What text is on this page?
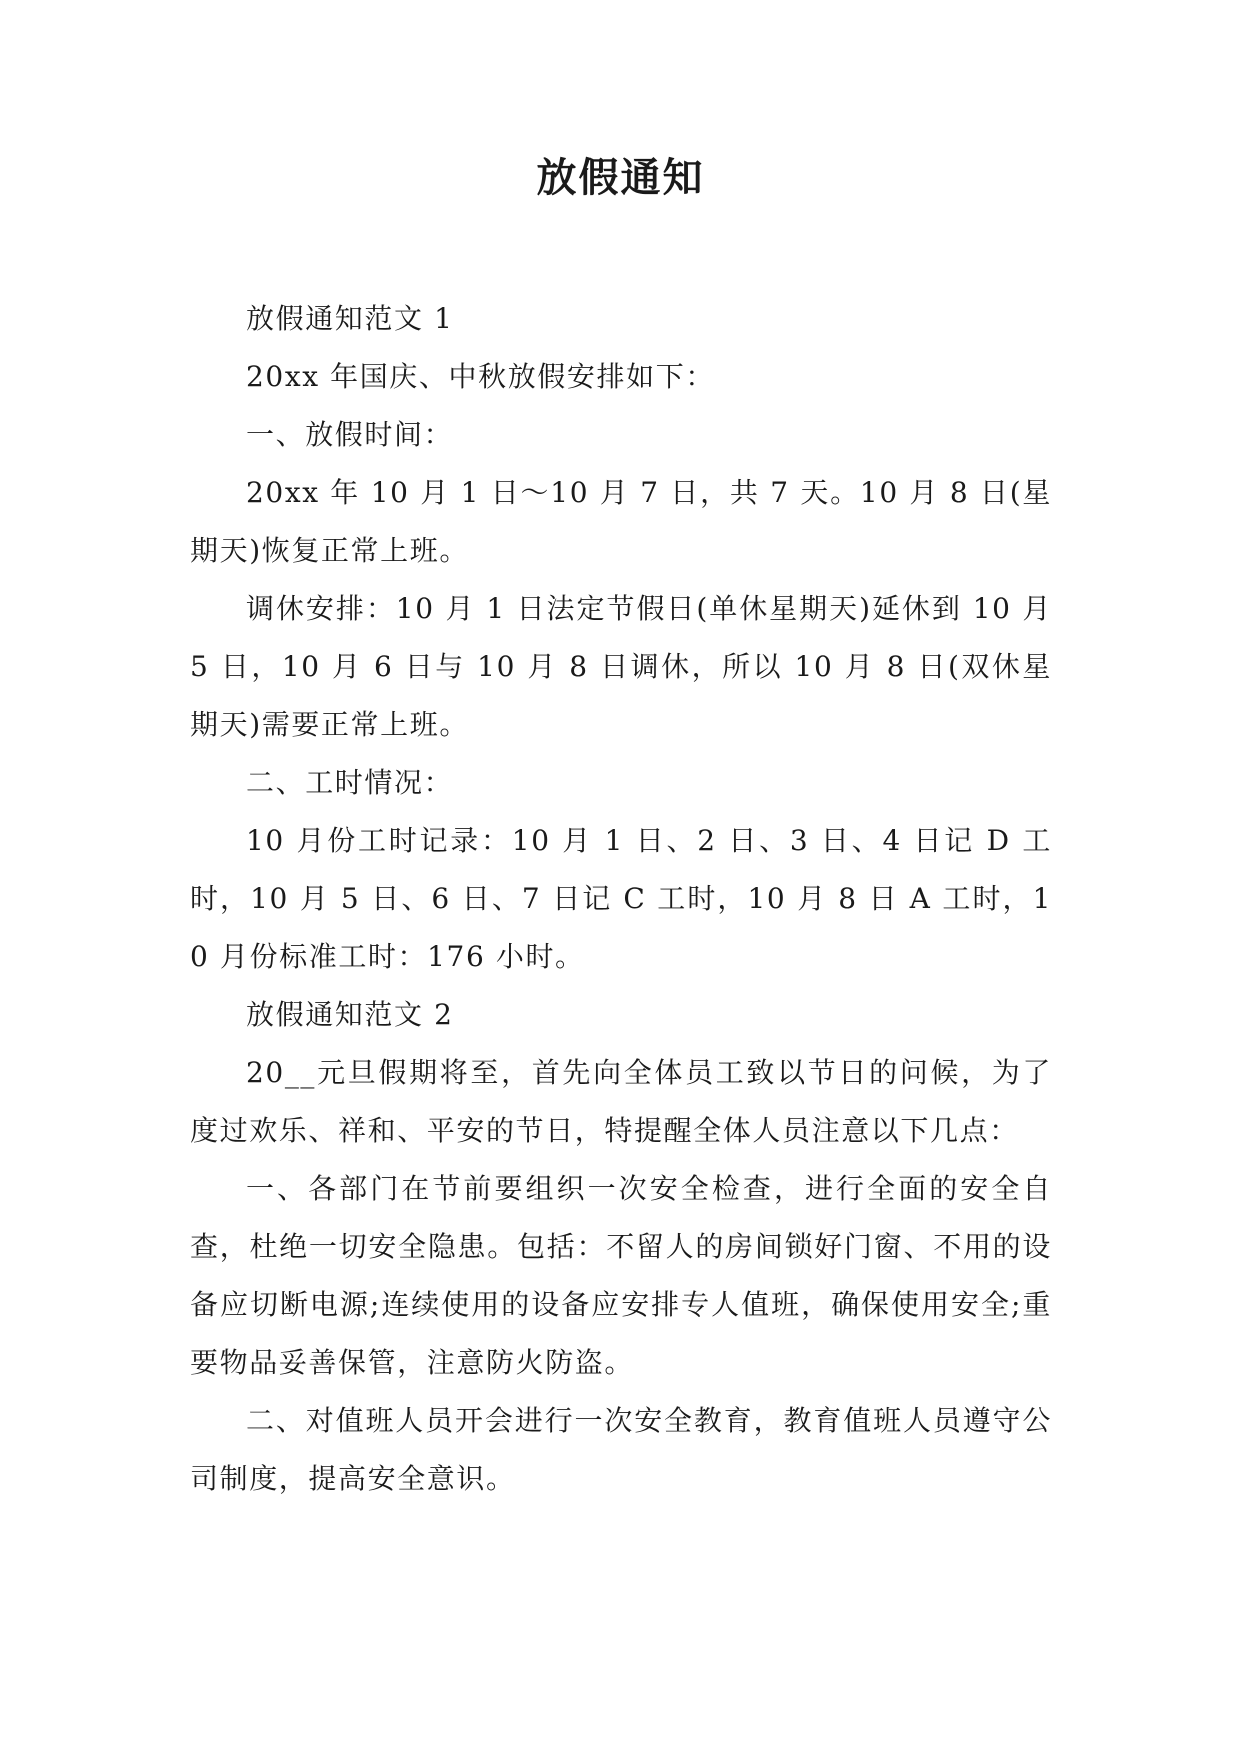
放假通知

放假通知范文 1

20xx 年国庆、中秋放假安排如下：

一、放假时间：

20xx 年 10 月 1 日～10 月 7 日，共 7 天。10 月 8 日(星期天)恢复正常上班。

调休安排：10 月 1 日法定节假日(单休星期天)延休到 10 月 5 日，10 月 6 日与 10 月 8 日调休，所以 10 月 8 日(双休星期天)需要正常上班。

二、工时情况：

10 月份工时记录：10 月 1 日、2 日、3 日、4 日记 D 工时，10 月 5 日、6 日、7 日记 C 工时，10 月 8 日 A 工时，10 月份标准工时：176 小时。

放假通知范文 2

20__元旦假期将至，首先向全体员工致以节日的问候，为了度过欢乐、祥和、平安的节日，特提醒全体人员注意以下几点：

一、各部门在节前要组织一次安全检查，进行全面的安全自查，杜绝一切安全隐患。包括：不留人的房间锁好门窗、不用的设备应切断电源;连续使用的设备应安排专人值班，确保使用安全;重要物品妥善保管，注意防火防盗。

二、对值班人员开会进行一次安全教育，教育值班人员遵守公司制度，提高安全意识。
